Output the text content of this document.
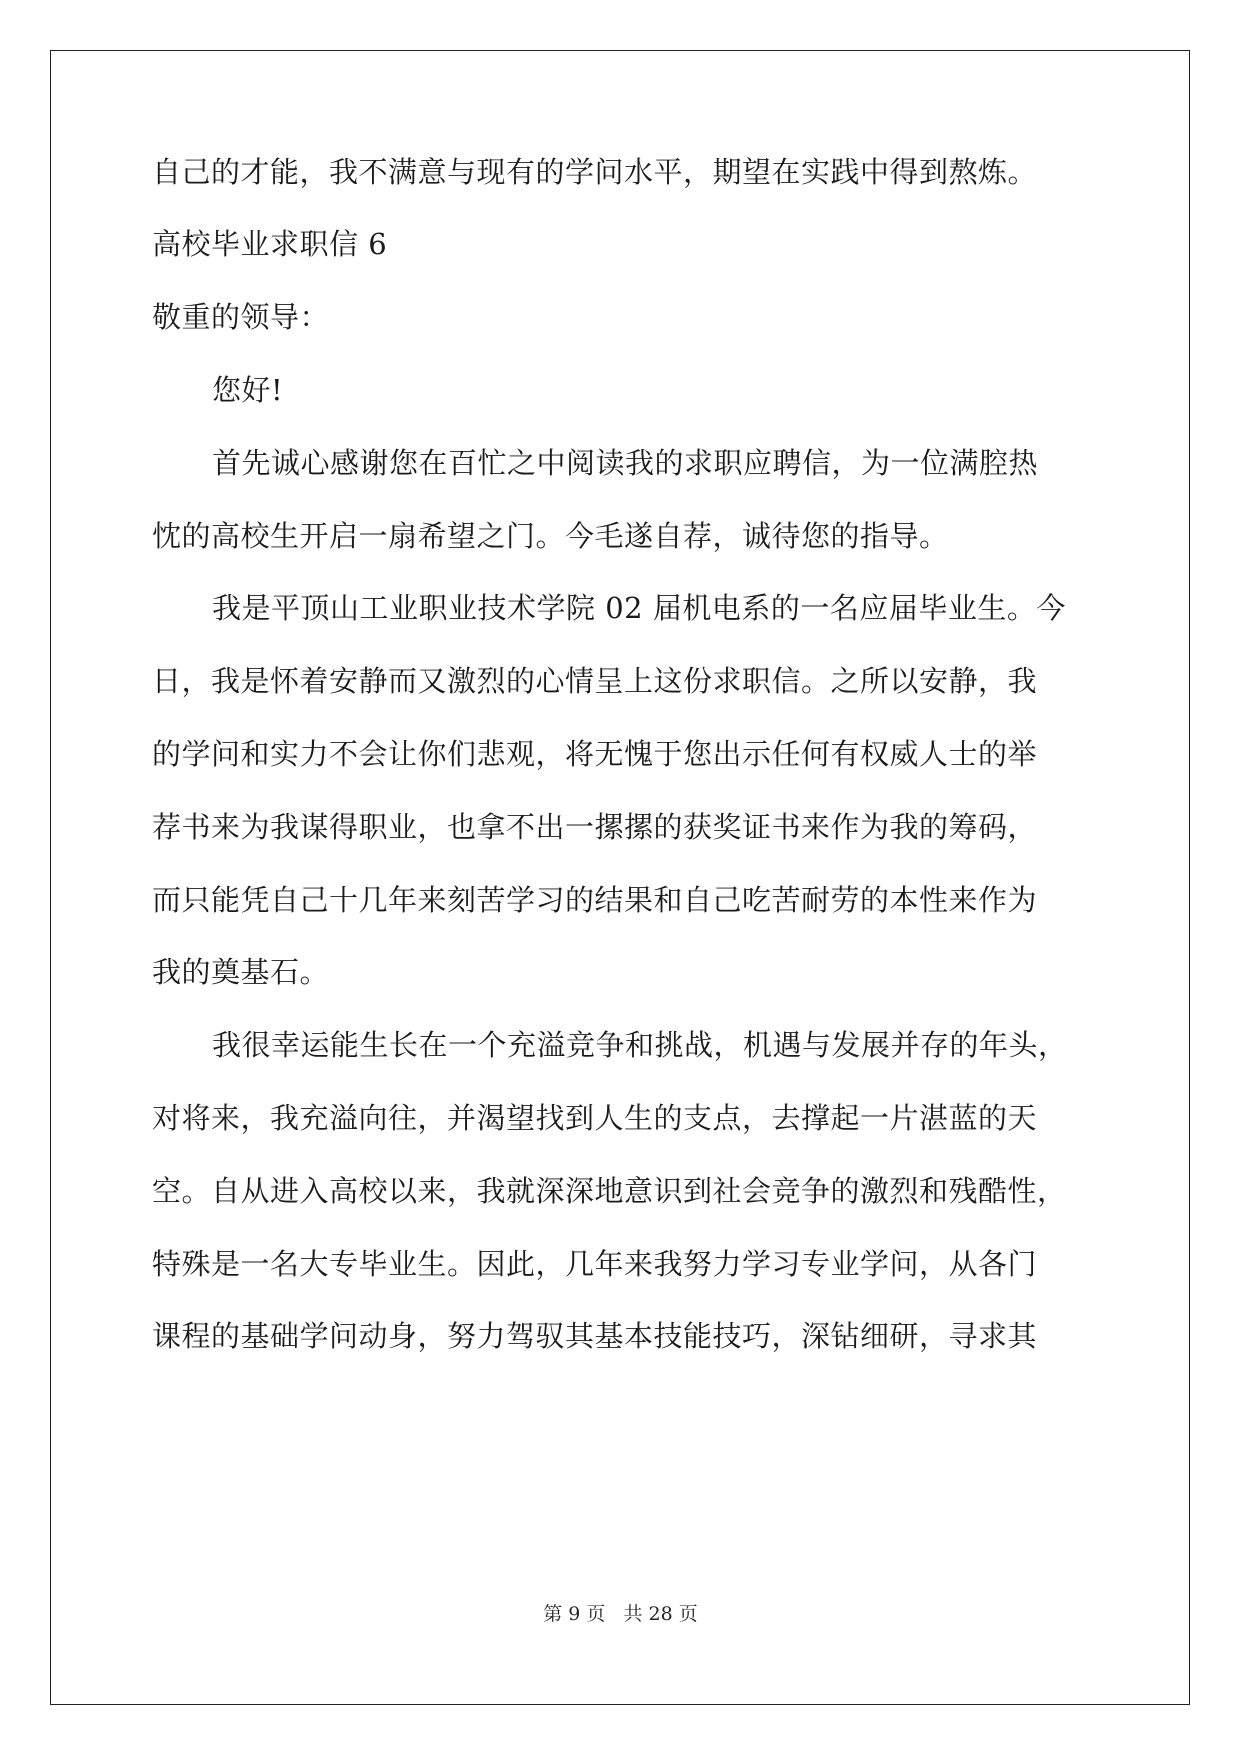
自己的才能，我不满意与现有的学问水平，期望在实践中得到熬炼。
高校毕业求职信 6
敬重的领导：
您好!
首先诚心感谢您在百忙之中阅读我的求职应聘信，为一位满腔热
忱的高校生开启一扇希望之门。今毛遂自荐，诚待您的指导。
我是平顶山工业职业技术学院 02 届机电系的一名应届毕业生。今
日，我是怀着安静而又激烈的心情呈上这份求职信。之所以安静，我
的学问和实力不会让你们悲观，将无愧于您出示任何有权威人士的举
荐书来为我谋得职业，也拿不出一摞摞的获奖证书来作为我的筹码，
而只能凭自己十几年来刻苦学习的结果和自己吃苦耐劳的本性来作为
我的奠基石。
我很幸运能生长在一个充溢竞争和挑战，机遇与发展并存的年头，
对将来，我充溢向往，并渴望找到人生的支点，去撑起一片湛蓝的天
空。自从进入高校以来，我就深深地意识到社会竞争的激烈和残酷性，
特殊是一名大专毕业生。因此，几年来我努力学习专业学问，从各门
课程的基础学问动身，努力驾驭其基本技能技巧，深钻细研，寻求其
第 9 页 共 28 页
